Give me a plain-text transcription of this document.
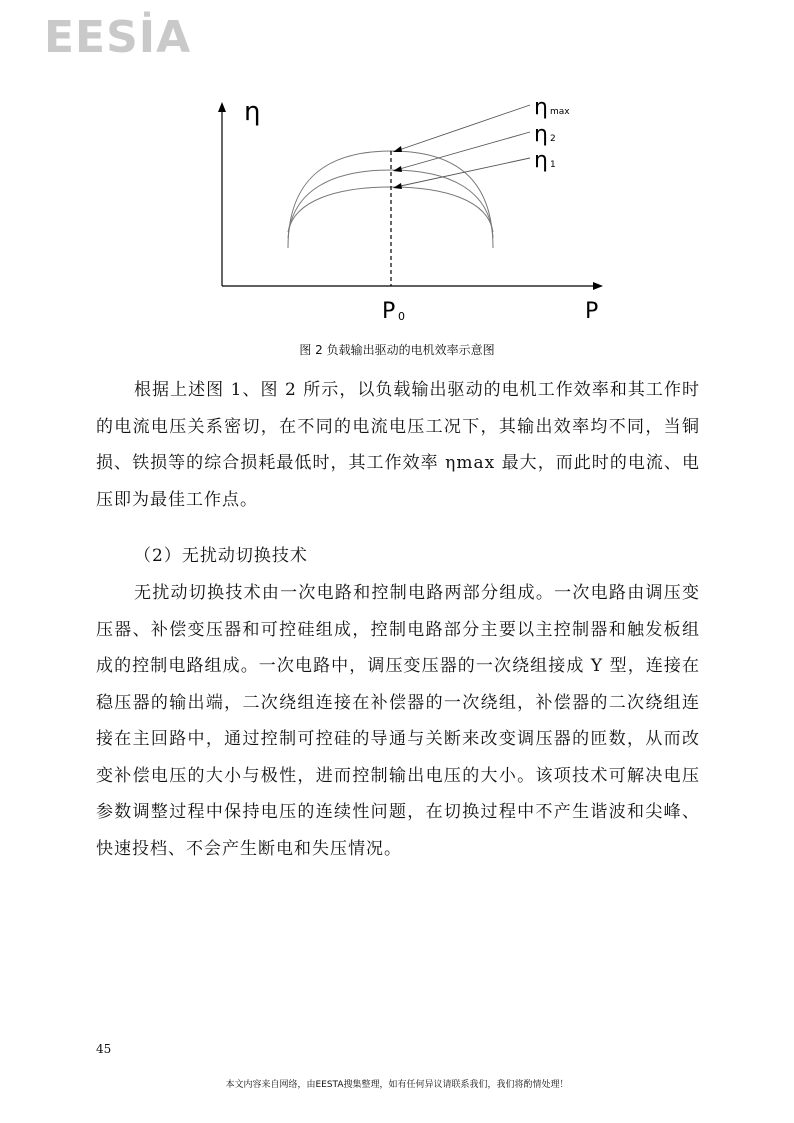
EESİA
η
P
P 0
η max
η 2
η 1
图 2 负载输出驱动的电机效率示意图

根据上述图 1、图 2 所示，以负载输出驱动的电机工作效率和其工作时的电流电压关系密切，在不同的电流电压工况下，其输出效率均不同，当铜损、铁损等的综合损耗最低时，其工作效率 ηmax 最大，而此时的电流、电压即为最佳工作点。

（2）无扰动切换技术

无扰动切换技术由一次电路和控制电路两部分组成。一次电路由调压变压器、补偿变压器和可控硅组成，控制电路部分主要以主控制器和触发板组成的控制电路组成。一次电路中，调压变压器的一次绕组接成 Y 型，连接在稳压器的输出端，二次绕组连接在补偿器的一次绕组，补偿器的二次绕组连接在主回路中，通过控制可控硅的导通与关断来改变调压器的匝数，从而改变补偿电压的大小与极性，进而控制输出电压的大小。该项技术可解决电压参数调整过程中保持电压的连续性问题，在切换过程中不产生谐波和尖峰、快速投档、不会产生断电和失压情况。

45
本文内容来自网络，由EESTA搜集整理，如有任何异议请联系我们，我们将酌情处理！
